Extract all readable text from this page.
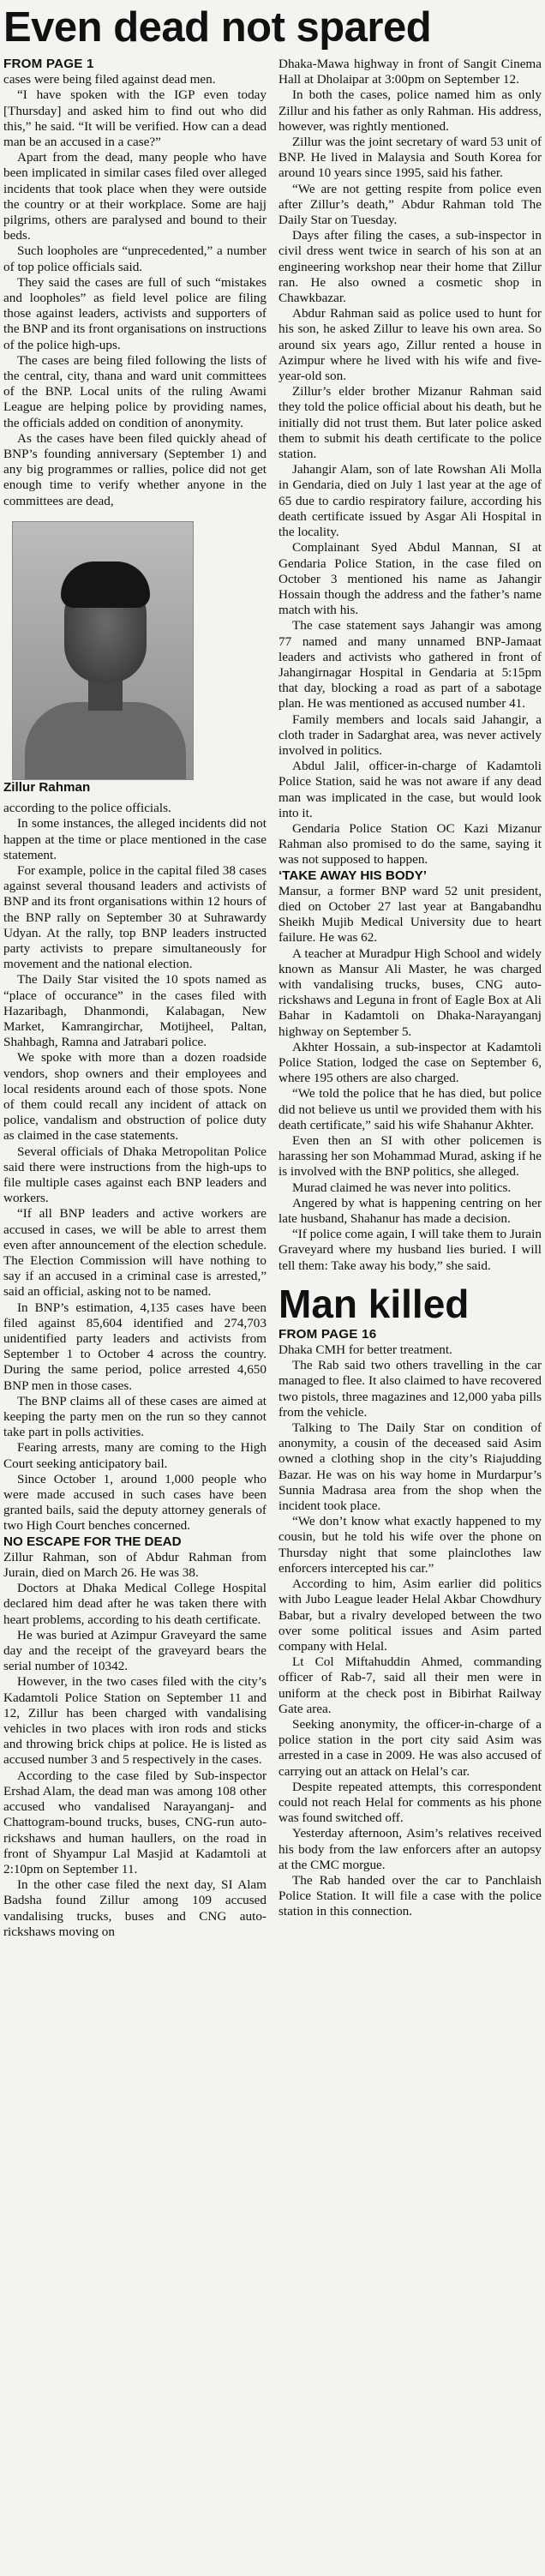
Even dead not spared

FROM PAGE 1

cases were being filed against dead men.

“I have spoken with the IGP even today [Thursday] and asked him to find out who did this,” he said. “It will be verified. How can a dead man be an accused in a case?”

Apart from the dead, many people who have been implicated in similar cases filed over alleged incidents that took place when they were outside the country or at their workplace. Some are hajj pilgrims, others are paralysed and bound to their beds.

Such loopholes are “unprecedented,” a number of top police officials said.

They said the cases are full of such “mistakes and loopholes” as field level police are filing those against leaders, activists and supporters of the BNP and its front organisations on instructions of the police high-ups.

The cases are being filed following the lists of the central, city, thana and ward unit committees of the BNP. Local units of the ruling Awami League are helping police by providing names, the officials added on condition of anonymity.

As the cases have been filed quickly ahead of BNP’s founding anniversary (September 1) and any big programmes or rallies, police did not get enough time to verify whether anyone in the committees are dead,

Zillur Rahman

according to the police officials.

In some instances, the alleged incidents did not happen at the time or place mentioned in the case statement.

For example, police in the capital filed 38 cases against several thousand leaders and activists of BNP and its front organisations within 12 hours of the BNP rally on September 30 at Suhrawardy Udyan. At the rally, top BNP leaders instructed party activists to prepare simultaneously for movement and the national election.

The Daily Star visited the 10 spots named as “place of occurance” in the cases filed with Hazaribagh, Dhanmondi, Kalabagan, New Market, Kamrangirchar, Motijheel, Paltan, Shahbagh, Ramna and Jatrabari police.

We spoke with more than a dozen roadside vendors, shop owners and their employees and local residents around each of those spots. None of them could recall any incident of attack on police, vandalism and obstruction of police duty as claimed in the case statements.

Several officials of Dhaka Metropolitan Police said there were instructions from the high-ups to file multiple cases against each BNP leaders and workers.

“If all BNP leaders and active workers are accused in cases, we will be able to arrest them even after announcement of the election schedule. The Election Commission will have nothing to say if an accused in a criminal case is arrested,” said an official, asking not to be named.

In BNP’s estimation, 4,135 cases have been filed against 85,604 identified and 274,703 unidentified party leaders and activists from September 1 to October 4 across the country. During the same period, police arrested 4,650 BNP men in those cases.

The BNP claims all of these cases are aimed at keeping the party men on the run so they cannot take part in polls activities.

Fearing arrests, many are coming to the High Court seeking anticipatory bail.

Since October 1, around 1,000 people who were made accused in such cases have been granted bails, said the deputy attorney generals of two High Court benches concerned.

NO ESCAPE FOR THE DEAD

Zillur Rahman, son of Abdur Rahman from Jurain, died on March 26. He was 38.

Doctors at Dhaka Medical College Hospital declared him dead after he was taken there with heart problems, according to his death certificate.

He was buried at Azimpur Graveyard the same day and the receipt of the graveyard bears the serial number of 10342.

However, in the two cases filed with the city’s Kadamtoli Police Station on September 11 and 12, Zillur has been charged with vandalising vehicles in two places with iron rods and sticks and throwing brick chips at police. He is listed as accused number 3 and 5 respectively in the cases.

According to the case filed by Sub-inspector Ershad Alam, the dead man was among 108 other accused who vandalised Narayanganj- and Chattogram-bound trucks, buses, CNG-run auto-rickshaws and human haullers, on the road in front of Shyampur Lal Masjid at Kadamtoli at 2:10pm on September 11.

In the other case filed the next day, SI Alam Badsha found Zillur among 109 accused vandalising trucks, buses and CNG auto-rickshaws moving on

Dhaka-Mawa highway in front of Sangit Cinema Hall at Dholaipar at 3:00pm on September 12.

In both the cases, police named him as only Zillur and his father as only Rahman. His address, however, was rightly mentioned.

Zillur was the joint secretary of ward 53 unit of BNP. He lived in Malaysia and South Korea for around 10 years since 1995, said his father.

“We are not getting respite from police even after Zillur’s death,” Abdur Rahman told The Daily Star on Tuesday.

Days after filing the cases, a sub-inspector in civil dress went twice in search of his son at an engineering workshop near their home that Zillur ran. He also owned a cosmetic shop in Chawkbazar.

Abdur Rahman said as police used to hunt for his son, he asked Zillur to leave his own area. So around six years ago, Zillur rented a house in Azimpur where he lived with his wife and five-year-old son.

Zillur’s elder brother Mizanur Rahman said they told the police official about his death, but he initially did not trust them. But later police asked them to submit his death certificate to the police station.

Jahangir Alam, son of late Rowshan Ali Molla in Gendaria, died on July 1 last year at the age of 65 due to cardio respiratory failure, according his death certificate issued by Asgar Ali Hospital in the locality.

Complainant Syed Abdul Mannan, SI at Gendaria Police Station, in the case filed on October 3 mentioned his name as Jahangir Hossain though the address and the father’s name match with his.

The case statement says Jahangir was among 77 named and many unnamed BNP-Jamaat leaders and activists who gathered in front of Jahangirnagar Hospital in Gendaria at 5:15pm that day, blocking a road as part of a sabotage plan. He was mentioned as accused number 41.

Family members and locals said Jahangir, a cloth trader in Sadarghat area, was never actively involved in politics.

Abdul Jalil, officer-in-charge of Kadamtoli Police Station, said he was not aware if any dead man was implicated in the case, but would look into it.

Gendaria Police Station OC Kazi Mizanur Rahman also promised to do the same, saying it was not supposed to happen.

‘TAKE AWAY HIS BODY’

Mansur, a former BNP ward 52 unit president, died on October 27 last year at Bangabandhu Sheikh Mujib Medical University due to heart failure. He was 62.

A teacher at Muradpur High School and widely known as Mansur Ali Master, he was charged with vandalising trucks, buses, CNG auto-rickshaws and Leguna in front of Eagle Box at Ali Bahar in Kadamtoli on Dhaka-Narayanganj highway on September 5.

Akhter Hossain, a sub-inspector at Kadamtoli Police Station, lodged the case on September 6, where 195 others are also charged.

“We told the police that he has died, but police did not believe us until we provided them with his death certificate,” said his wife Shahanur Akhter.

Even then an SI with other policemen is harassing her son Mohammad Murad, asking if he is involved with the BNP politics, she alleged.

Murad claimed he was never into politics.

Angered by what is happening centring on her late husband, Shahanur has made a decision.

“If police come again, I will take them to Jurain Graveyard where my husband lies buried. I will tell them: Take away his body,” she said.

Man killed

FROM PAGE 16

Dhaka CMH for better treatment.

The Rab said two others travelling in the car managed to flee. It also claimed to have recovered two pistols, three magazines and 12,000 yaba pills from the vehicle.

Talking to The Daily Star on condition of anonymity, a cousin of the deceased said Asim owned a clothing shop in the city’s Riajudding Bazar. He was on his way home in Murdarpur’s Sunnia Madrasa area from the shop when the incident took place.

“We don’t know what exactly happened to my cousin, but he told his wife over the phone on Thursday night that some plainclothes law enforcers intercepted his car.”

According to him, Asim earlier did politics with Jubo League leader Helal Akbar Chowdhury Babar, but a rivalry developed between the two over some political issues and Asim parted company with Helal.

Lt Col Miftahuddin Ahmed, commanding officer of Rab-7, said all their men were in uniform at the check post in Bibirhat Railway Gate area.

Seeking anonymity, the officer-in-charge of a police station in the port city said Asim was arrested in a case in 2009. He was also accused of carrying out an attack on Helal’s car.

Despite repeated attempts, this correspondent could not reach Helal for comments as his phone was found switched off.

Yesterday afternoon, Asim’s relatives received his body from the law enforcers after an autopsy at the CMC morgue.

The Rab handed over the car to Panchlaish Police Station. It will file a case with the police station in this connection.
